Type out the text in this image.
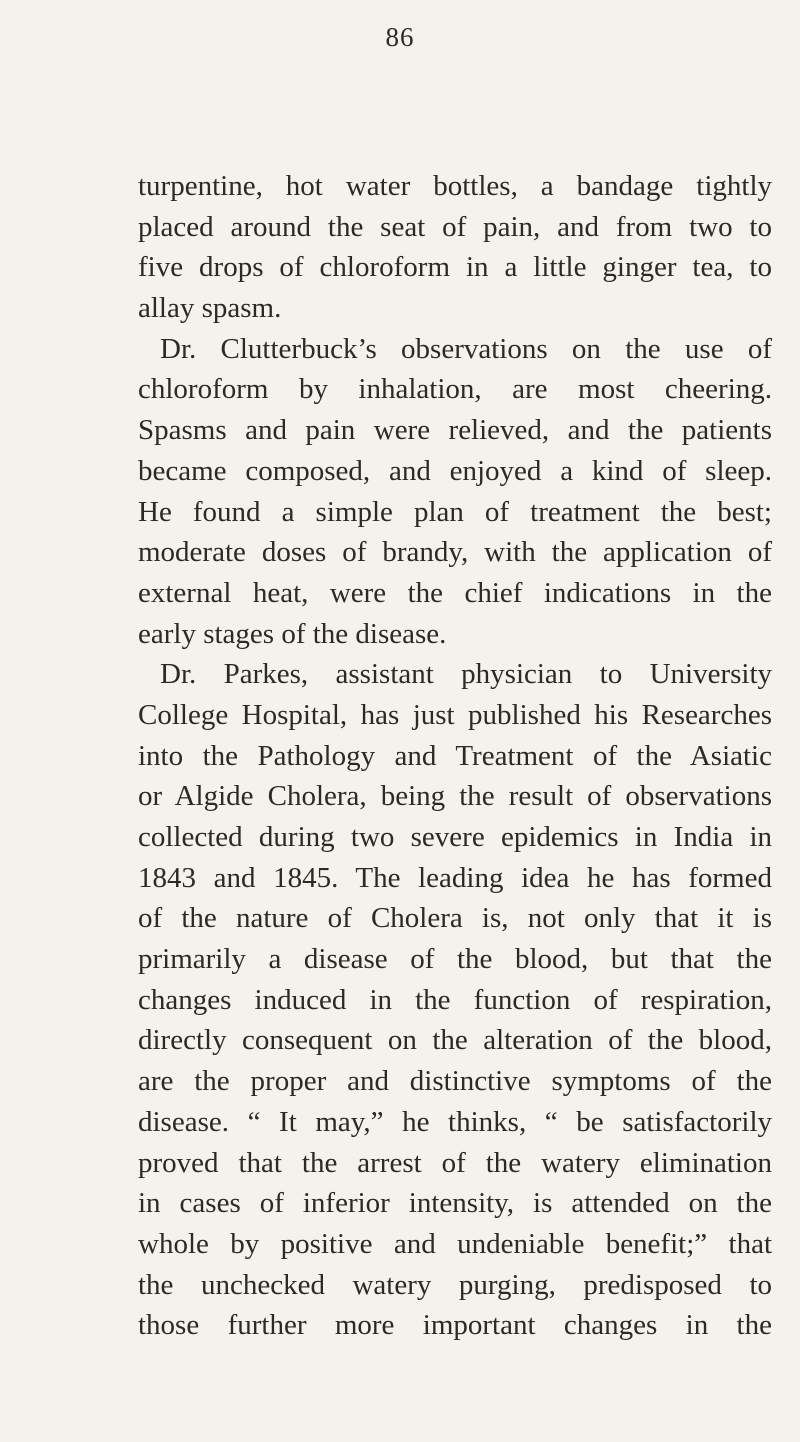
86
turpentine, hot water bottles, a bandage tightly
placed around the seat of pain, and from two to
five drops of chloroform in a little ginger tea, to
allay spasm.
Dr. Clutterbuck’s observations on the use of
chloroform by inhalation, are most cheering.
Spasms and pain were relieved, and the patients
became composed, and enjoyed a kind of sleep.
He found a simple plan of treatment the best;
moderate doses of brandy, with the application of
external heat, were the chief indications in the
early stages of the disease.
Dr. Parkes, assistant physician to University
College Hospital, has just published his Researches
into the Pathology and Treatment of the Asiatic
or Algide Cholera, being the result of observations
collected during two severe epidemics in India in
1843 and 1845. The leading idea he has formed
of the nature of Cholera is, not only that it is
primarily a disease of the blood, but that the
changes induced in the function of respiration,
directly consequent on the alteration of the blood,
are the proper and distinctive symptoms of the
disease. “ It may,” he thinks, “ be satisfactorily
proved that the arrest of the watery elimination
in cases of inferior intensity, is attended on the
whole by positive and undeniable benefit;” that
the unchecked watery purging, predisposed to
those further more important changes in the
